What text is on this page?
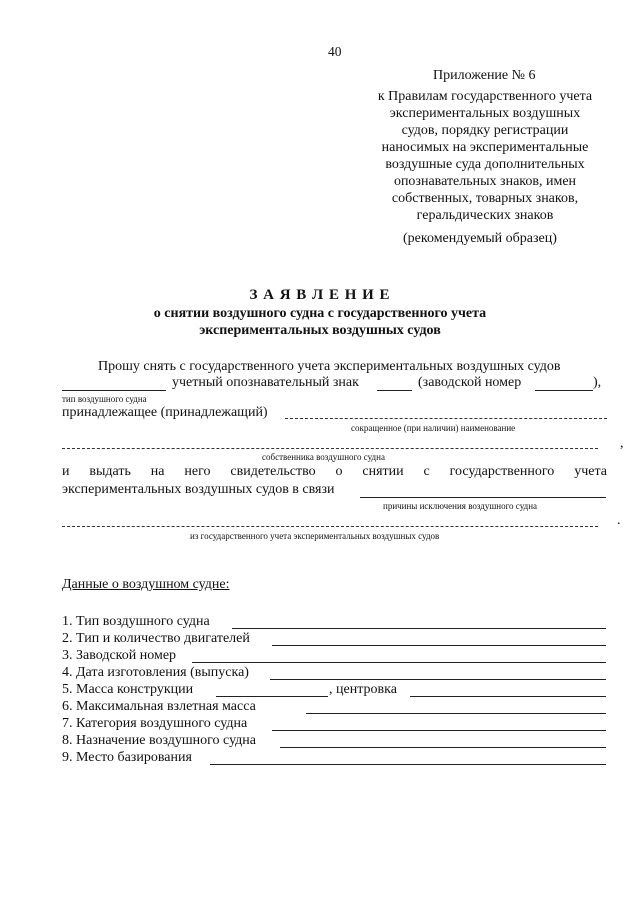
40
Приложение № 6
к Правилам государственного учета
экспериментальных воздушных
судов, порядку регистрации
наносимых на экспериментальные
воздушные суда дополнительных
опознавательных знаков, имен
собственных, товарных знаков,
геральдических знаков
(рекомендуемый образец)
З А Я В Л Е Н И Е
о снятии воздушного судна с государственного учета
экспериментальных воздушных судов
Прошу снять с государственного учета экспериментальных воздушных судов
учетный опознавательный знак	(заводской номер	),
тип воздушного судна
принадлежащее (принадлежащий)
сокращенное (при наличии) наименование
,
собственника воздушного судна
и выдать на него свидетельство о снятии с государственного учета
экспериментальных воздушных судов в связи
причины исключения воздушного судна
.
из государственного учета экспериментальных воздушных судов
Данные о воздушном судне:
1. Тип воздушного судна
2. Тип и количество двигателей
3. Заводской номер
4. Дата изготовления (выпуска)
5. Масса конструкции	, центровка
6. Максимальная взлетная масса
7. Категория воздушного судна
8. Назначение воздушного судна
9. Место базирования
